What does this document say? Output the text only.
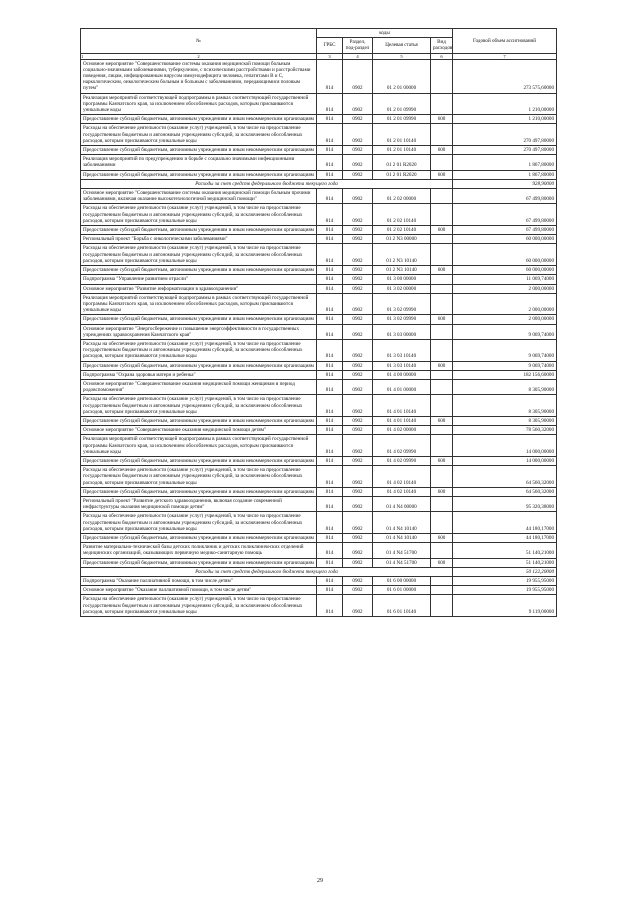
№	коды				Годовой объем ассигнований
	ГРБС	Раздел, под-раздел	Целевая статья	Вид расходов	
1	2	3	4	5	6	7
	Основное мероприятие "Совершенствование системы оказания медицинской помощи больным социально-значимыми заболеваниями, туберкулезом, с психическими расстройствами и расстройствами поведения, лицам, инфицированным вирусом иммунодефицита человека, гепатитами B и C, наркологическим, онкологическим больным и больным с заболеваниями, передающимися половым путем"	814	0902	01 2 01 00000		273 575,60000
	Реализация мероприятий соответствующей подпрограммы в рамках соответствующей государственной программы Камчатского края, за исключением обособленных расходов, которым присваиваются уникальные коды	814	0902	01 2 01 09990		1 210,00000
	Предоставление субсидий бюджетным, автономным учреждениям и иным некоммерческим организациям	814	0902	01 2 01 09990	600	1 210,00000
	Расходы на обеспечение деятельности (оказание услуг) учреждений, в том числе на предоставление государственным бюджетным и автономным учреждениям субсидий, за исключением обособленных расходов, которым присваиваются уникальные коды	814	0902	01 2 01 10140		270 497,80000
	Предоставление субсидий бюджетным, автономным учреждениям и иным некоммерческим организациям	814	0902	01 2 01 10140	600	270 497,80000
	Реализация мероприятий по предупреждению и борьбе с социально значимыми инфекционными заболеваниями	814	0902	01 2 01 R2020		1 867,80000
	Предоставление субсидий бюджетным, автономным учреждениям и иным некоммерческим организациям	814	0902	01 2 01 R2020	600	1 867,80000
	Расходы за счет средств федерального бюджета текущего года					928,90000
	Основное мероприятие "Совершенствование системы оказания медицинской помощи больным прочими заболеваниями, включая оказание высокотехнологичной медицинской помощи"	814	0902	01 2 02 00000		67 499,80000
	Расходы на обеспечение деятельности (оказание услуг) учреждений, в том числе на предоставление государственным бюджетным и автономным учреждениям субсидий, за исключением обособленных расходов, которым присваиваются уникальные коды	814	0902	01 2 02 10140		67 499,80000
	Предоставление субсидий бюджетным, автономным учреждениям и иным некоммерческим организациям	814	0902	01 2 02 10140	600	67 499,80000
	Региональный проект "Борьба с онкологическими заболеваниями"	814	0902	01 2 N3 00000		60 000,00000
	Расходы на обеспечение деятельности (оказание услуг) учреждений, в том числе на предоставление государственным бюджетным и автономным учреждениям субсидий, за исключением обособленных расходов, которым присваиваются уникальные коды	814	0902	01 2 N3 10140		60 000,00000
	Предоставление субсидий бюджетным, автономным учреждениям и иным некоммерческим организациям	814	0902	01 2 N3 10140	600	60 000,00000
	Подпрограмма "Управление развитием отрасли"	814	0902	01 3 00 00000		11 069,74000
	Основное мероприятие "Развитие информатизации в здравоохранении"	814	0902	01 3 02 00000		2 000,00000
	Реализация мероприятий соответствующей подпрограммы в рамках соответствующей государственной программы Камчатского края, за исключением обособленных расходов, которым присваиваются уникальные коды	814	0902	01 3 02 09990		2 000,00000
	Предоставление субсидий бюджетным, автономным учреждениям и иным некоммерческим организациям	814	0902	01 3 02 09990	600	2 000,00000
	Основное мероприятие "Энергосбережение и повышение энергоэффективности в государственных учреждениях здравоохранения Камчатского края"	814	0902	01 3 03 00000		9 069,74000
	Расходы на обеспечение деятельности (оказание услуг) учреждений, в том числе на предоставление государственным бюджетным и автономным учреждениям субсидий, за исключением обособленных расходов, которым присваиваются уникальные коды	814	0902	01 3 03 10140		9 069,74000
	Предоставление субсидий бюджетным, автономным учреждениям и иным некоммерческим организациям	814	0902	01 3 03 10140	600	9 069,74000
	Подпрограмма "Охрана здоровья матери и ребенка"	814	0902	01 4 00 00000		182 156,60000
	Основное мероприятие "Совершенствование оказания медицинской помощи женщинам в период родовспоможения"	814	0902	01 4 01 00000		8 305,90000
	Расходы на обеспечение деятельности (оказание услуг) учреждений, в том числе на предоставление государственным бюджетным и автономным учреждениям субсидий, за исключением обособленных расходов, которым присваиваются уникальные коды	814	0902	01 4 01 10140		8 305,90000
	Предоставление субсидий бюджетным, автономным учреждениям и иным некоммерческим организациям	814	0902	01 4 01 10140	600	8 305,90000
	Основное мероприятие "Совершенствование оказания медицинской помощи детям"	814	0902	01 4 02 00000		78 560,32000
	Реализация мероприятий соответствующей подпрограммы в рамках соответствующей государственной программы Камчатского края, за исключением обособленных расходов, которым присваиваются уникальные коды	814	0902	01 4 02 09990		14 000,00000
	Предоставление субсидий бюджетным, автономным учреждениям и иным некоммерческим организациям	814	0902	01 4 02 09990	600	14 000,00000
	Расходы на обеспечение деятельности (оказание услуг) учреждений, в том числе на предоставление государственным бюджетным и автономным учреждениям субсидий, за исключением обособленных расходов, которым присваиваются уникальные коды	814	0902	01 4 02 10140		64 560,32000
	Предоставление субсидий бюджетным, автономным учреждениям и иным некоммерческим организациям	814	0902	01 4 02 10140	600	64 560,32000
	Региональный проект "Развитие детского здравоохранения, включая создание современной инфраструктуры оказания медицинской помощи детям"	814	0902	01 4 N4 00000		95 320,38000
	Расходы на обеспечение деятельности (оказание услуг) учреждений, в том числе на предоставление государственным бюджетным и автономным учреждениям субсидий, за исключением обособленных расходов, которым присваиваются уникальные коды	814	0902	01 4 N4 10140		44 180,17000
	Предоставление субсидий бюджетным, автономным учреждениям и иным некоммерческим организациям	814	0902	01 4 N4 10140	600	44 180,17000
	Развитие материально-технической базы детских поликлиник и детских поликлинических отделений медицинских организаций, оказывающих первичную медико-санитарную помощь	814	0902	01 4 N4 51700		51 140,21000
	Предоставление субсидий бюджетным, автономным учреждениям и иным некоммерческим организациям	814	0902	01 4 N4 51700	600	51 140,21000
	Расходы за счет средств федерального бюджета текущего года					50 122,20000
	Подпрограмма "Оказание паллиативной помощи, в том числе детям"	814	0902	01 6 00 00000		19 955,95000
	Основное мероприятие "Оказание паллиативной помощи, в том числе детям"	814	0902	01 6 01 00000		19 955,95000
	Расходы на обеспечение деятельности (оказание услуг) учреждений, в том числе на предоставление государственным бюджетным и автономным учреждениям субсидий, за исключением обособленных расходов, которым присваиваются уникальные коды	814	0902	01 6 01 10140		9 119,00000
29
